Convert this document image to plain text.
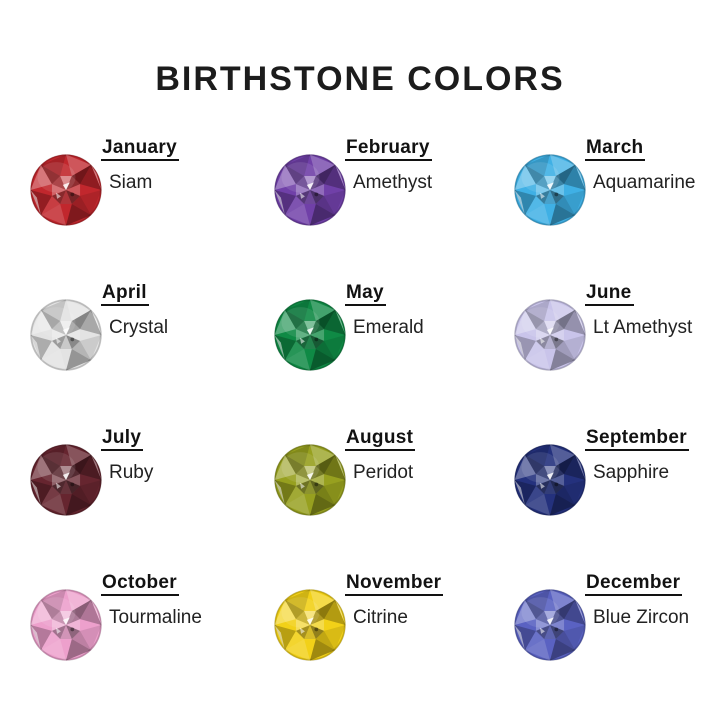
BIRTHSTONE COLORS
January
Siam
February
Amethyst
March
Aquamarine
April
Crystal
May
Emerald
June
Lt Amethyst
July
Ruby
August
Peridot
September
Sapphire
October
Tourmaline
November
Citrine
December
Blue Zircon
